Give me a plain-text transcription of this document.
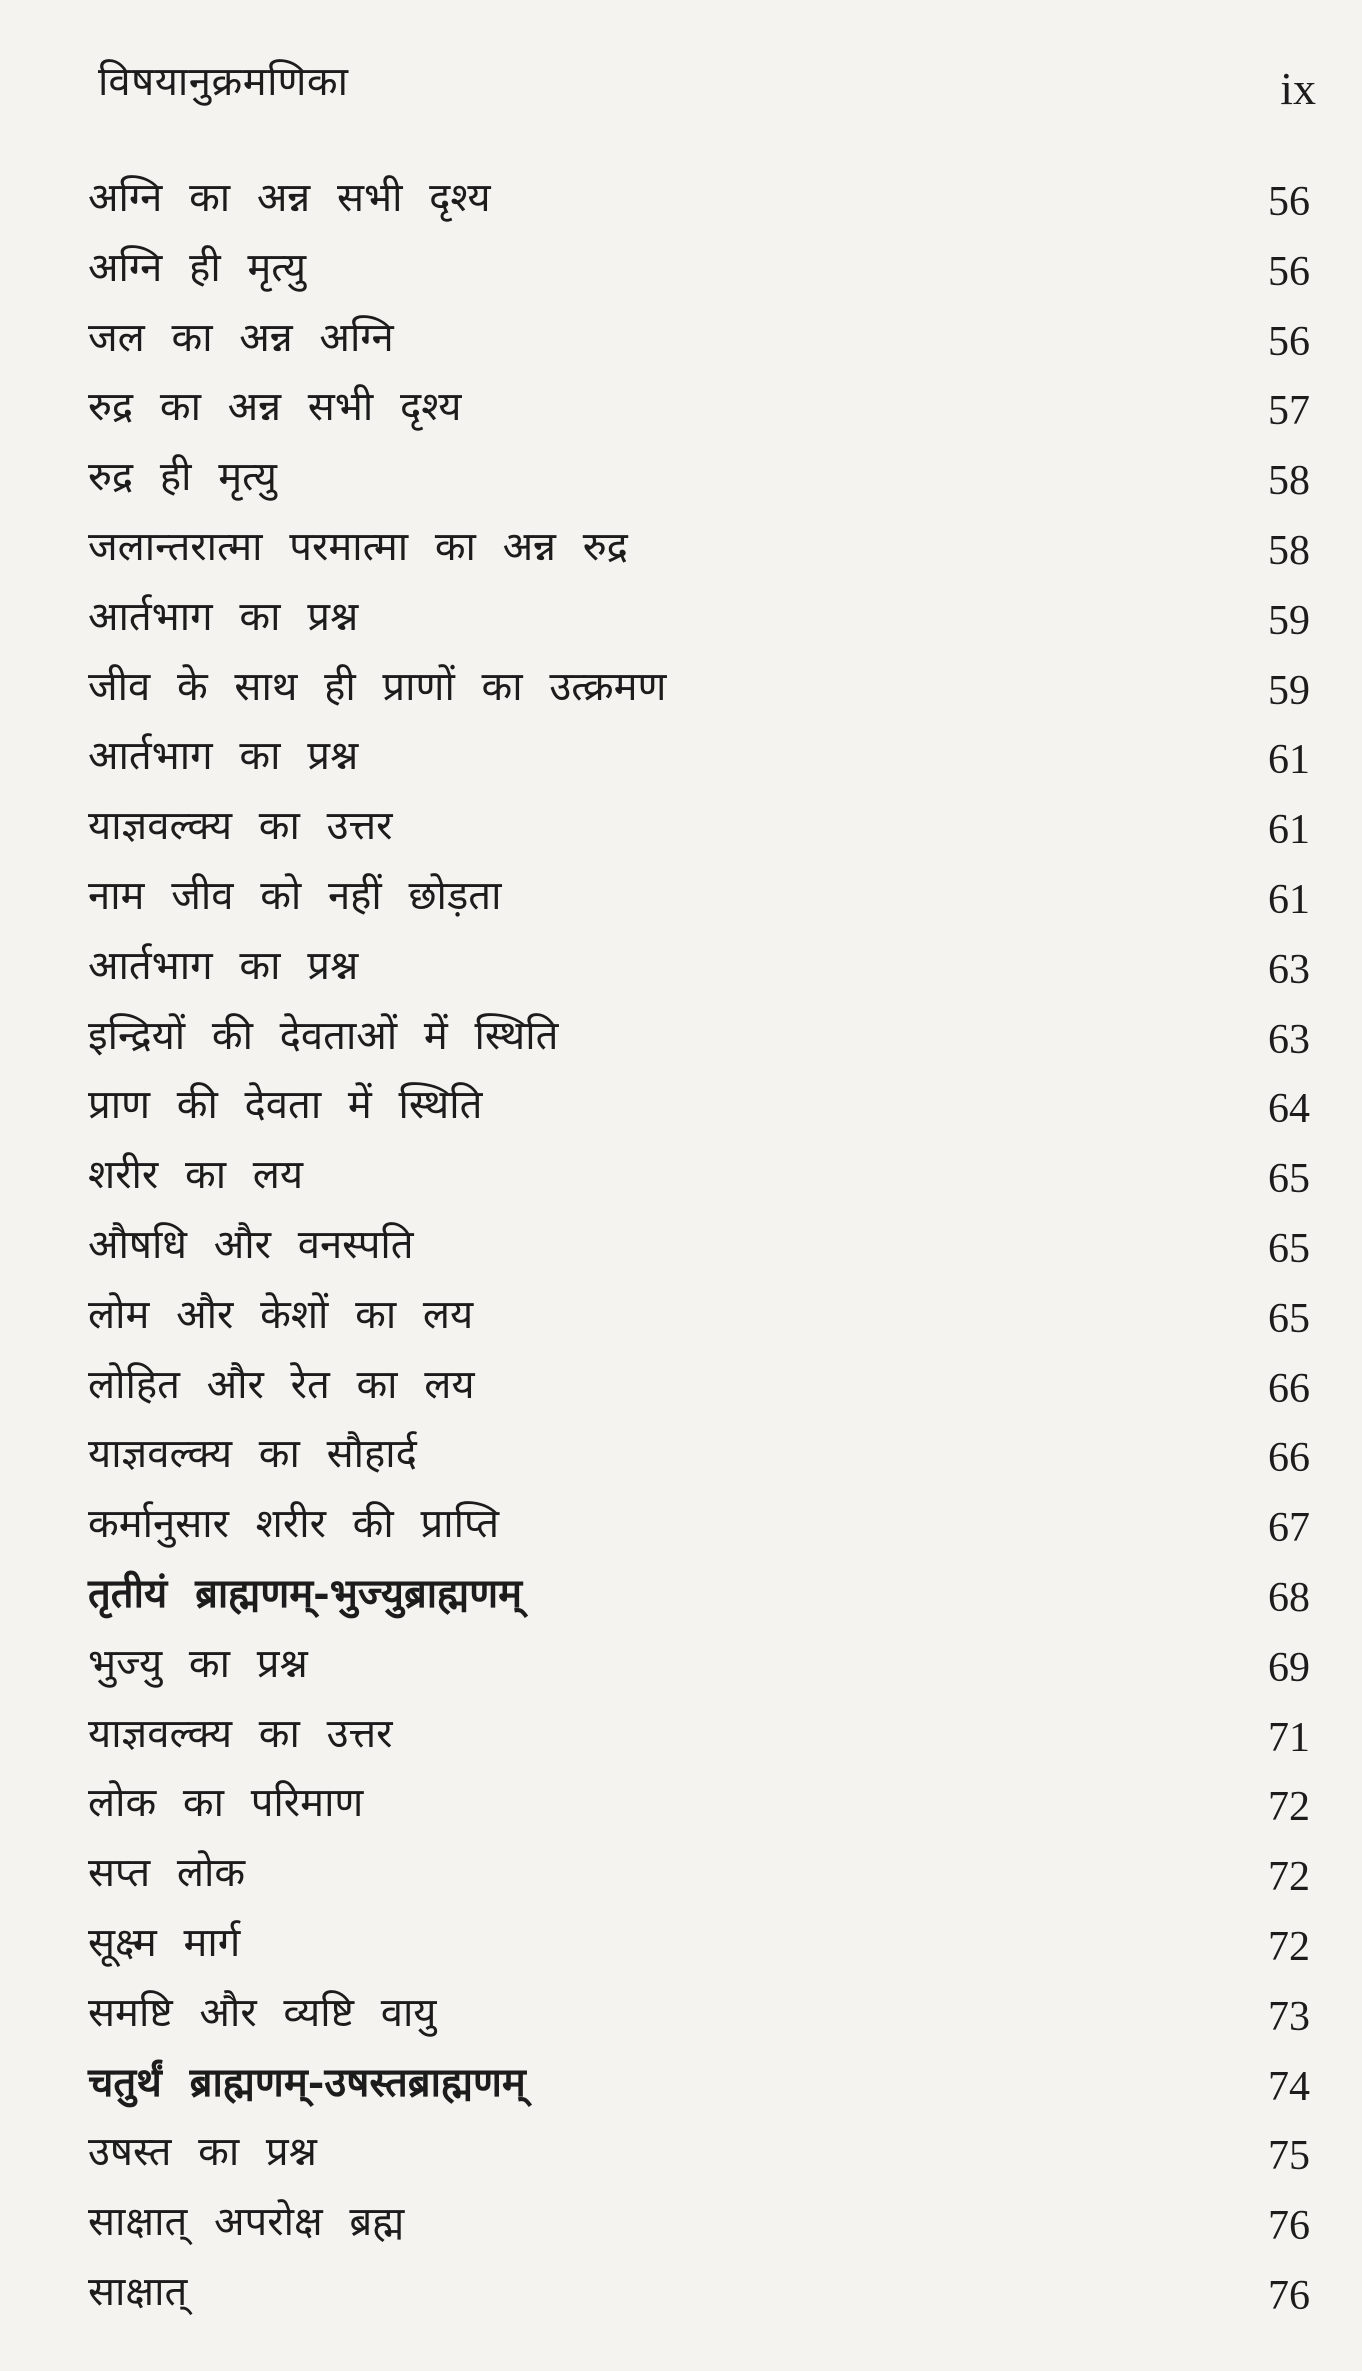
विषयानुक्रमणिका	ix
अग्नि का अन्न सभी दृश्य	56
अग्नि ही मृत्यु	56
जल का अन्न अग्नि	56
रुद्र का अन्न सभी दृश्य	57
रुद्र ही मृत्यु	58
जलान्तरात्मा परमात्मा का अन्न रुद्र	58
आर्तभाग का प्रश्न	59
जीव के साथ ही प्राणों का उत्क्रमण	59
आर्तभाग का प्रश्न	61
याज्ञवल्क्य का उत्तर	61
नाम जीव को नहीं छोड़ता	61
आर्तभाग का प्रश्न	63
इन्द्रियों की देवताओं में स्थिति	63
प्राण की देवता में स्थिति	64
शरीर का लय	65
औषधि और वनस्पति	65
लोम और केशों का लय	65
लोहित और रेत का लय	66
याज्ञवल्क्य का सौहार्द	66
कर्मानुसार शरीर की प्राप्ति	67
तृतीयं ब्राह्मणम्-भुज्युब्राह्मणम्	68
भुज्यु का प्रश्न	69
याज्ञवल्क्य का उत्तर	71
लोक का परिमाण	72
सप्त लोक	72
सूक्ष्म मार्ग	72
समष्टि और व्यष्टि वायु	73
चतुर्थं ब्राह्मणम्-उषस्तब्राह्मणम्	74
उषस्त का प्रश्न	75
साक्षात् अपरोक्ष ब्रह्म	76
साक्षात्	76
